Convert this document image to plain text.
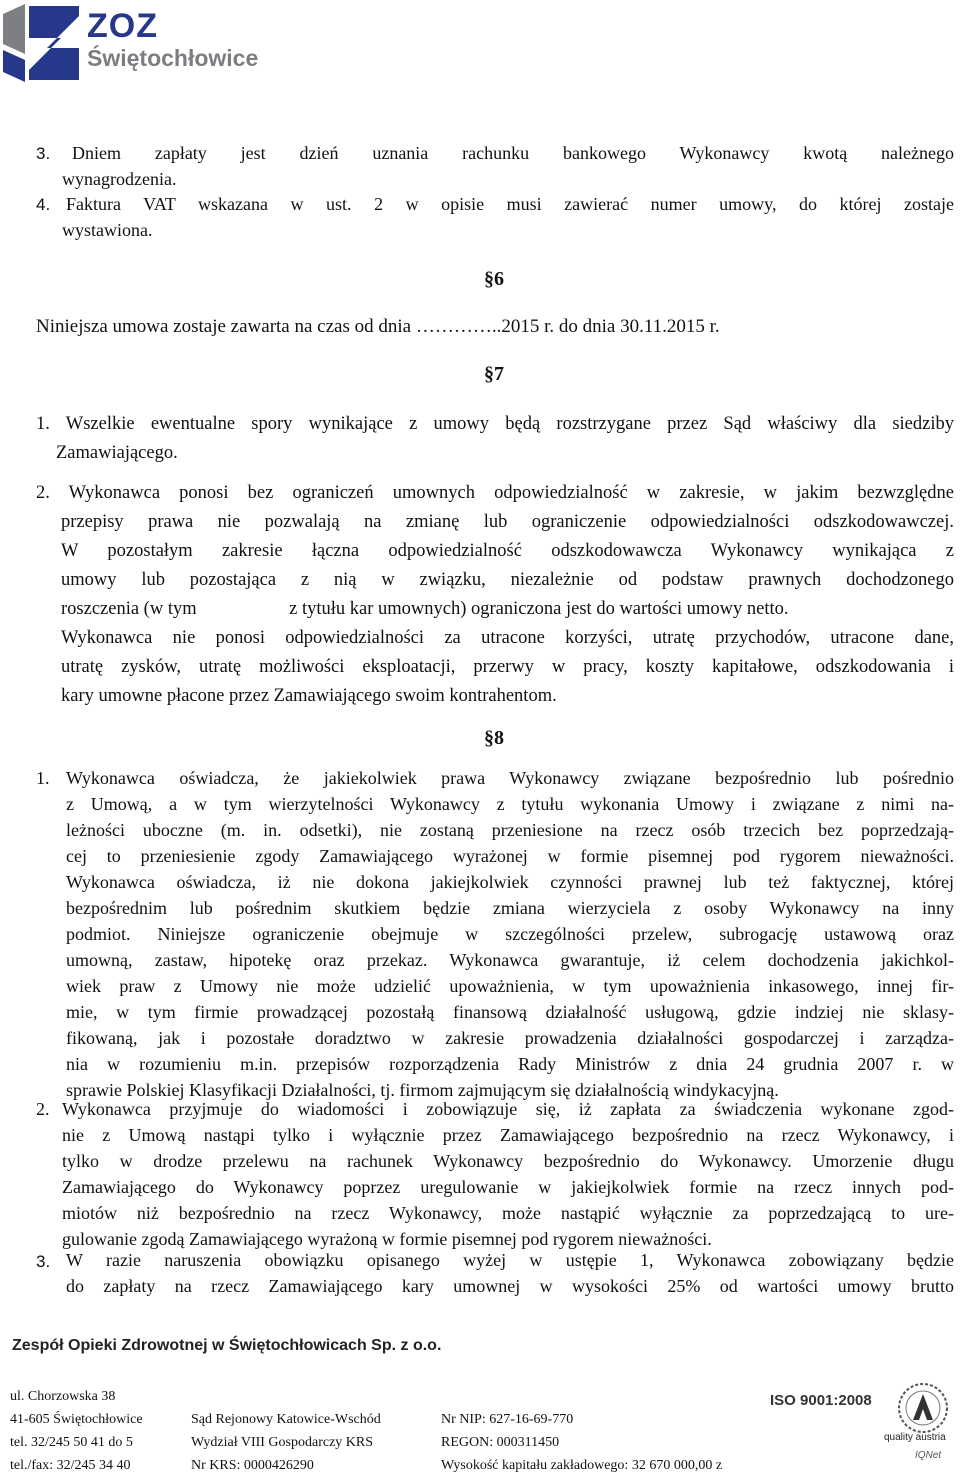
ZOZ
Świętochłowice
3. Dniem zapłaty jest dzień uznania rachunku bankowego Wykonawcy kwotą należnego
wynagrodzenia.
4. Faktura VAT wskazana w ust. 2 w opisie musi zawierać numer umowy, do której zostaje
wystawiona.
§6
Niniejsza umowa zostaje zawarta na czas od dnia …………..2015 r. do dnia 30.11.2015 r.
§7
1. Wszelkie ewentualne spory wynikające z umowy będą rozstrzygane przez Sąd właściwy dla siedziby
Zamawiającego.
2. Wykonawca ponosi bez ograniczeń umownych odpowiedzialność w zakresie, w jakim bezwzględne
przepisy prawa nie pozwalają na zmianę lub ograniczenie odpowiedzialności odszkodowawczej.
W pozostałym zakresie łączna odpowiedzialność odszkodowawcza Wykonawcy wynikająca z
umowy lub pozostająca z nią w związku, niezależnie od podstaw prawnych dochodzonego
roszczenia (w tym                    z tytułu kar umownych) ograniczona jest do wartości umowy netto.
Wykonawca nie ponosi odpowiedzialności za utracone korzyści, utratę przychodów, utracone dane,
utratę zysków, utratę możliwości eksploatacji, przerwy w pracy, koszty kapitałowe, odszkodowania i
kary umowne płacone przez Zamawiającego swoim kontrahentom.
§8
1. Wykonawca oświadcza, że jakiekolwiek prawa Wykonawcy związane bezpośrednio lub pośrednio
z Umową, a w tym wierzytelności Wykonawcy z tytułu wykonania Umowy i związane z nimi na-
leżności uboczne (m. in. odsetki), nie zostaną przeniesione na rzecz osób trzecich bez poprzedzają-
cej to przeniesienie zgody Zamawiającego wyrażonej w formie pisemnej pod rygorem nieważności.
Wykonawca oświadcza, iż nie dokona jakiejkolwiek czynności prawnej lub też faktycznej, której
bezpośrednim lub pośrednim skutkiem będzie zmiana wierzyciela z osoby Wykonawcy na inny
podmiot. Niniejsze ograniczenie obejmuje w szczególności przelew, subrogację ustawową oraz
umowną, zastaw, hipotekę oraz przekaz. Wykonawca gwarantuje, iż celem dochodzenia jakichkol-
wiek praw z Umowy nie może udzielić upoważnienia, w tym upoważnienia inkasowego, innej fir-
mie, w tym firmie prowadzącej pozostałą finansową działalność usługową, gdzie indziej nie sklasy-
fikowaną, jak i pozostałe doradztwo w zakresie prowadzenia działalności gospodarczej i zarządza-
nia w rozumieniu m.in. przepisów rozporządzenia Rady Ministrów z dnia 24 grudnia 2007 r. w
sprawie Polskiej Klasyfikacji Działalności, tj. firmom zajmującym się działalnością windykacyjną.
2. Wykonawca przyjmuje do wiadomości i zobowiązuje się, iż zapłata za świadczenia wykonane zgod-
nie z Umową nastąpi tylko i wyłącznie przez Zamawiającego bezpośrednio na rzecz Wykonawcy, i
tylko w drodze przelewu na rachunek Wykonawcy bezpośrednio do Wykonawcy. Umorzenie długu
Zamawiającego do Wykonawcy poprzez uregulowanie w jakiejkolwiek formie na rzecz innych pod-
miotów niż bezpośrednio na rzecz Wykonawcy, może nastąpić wyłącznie za poprzedzającą to ure-
gulowanie zgodą Zamawiającego wyrażoną w formie pisemnej pod rygorem nieważności.
3. W razie naruszenia obowiązku opisanego wyżej w ustępie 1, Wykonawca zobowiązany będzie
do zapłaty na rzecz Zamawiającego kary umownej w wysokości 25% od wartości umowy brutto
Zespół Opieki Zdrowotnej w Świętochłowicach Sp. z o.o.
ul. Chorzowska 38
41-605 Świętochłowice
tel. 32/245 50 41 do 5
tel./fax: 32/245 34 40
Sąd Rejonowy Katowice-Wschód
Wydział VIII Gospodarczy KRS
Nr KRS: 0000426290
Nr NIP: 627-16-69-770
REGON: 000311450
Wysokość kapitału zakładowego: 32 670 000,00 z
ISO 9001:2008
quality austria
IQNet
